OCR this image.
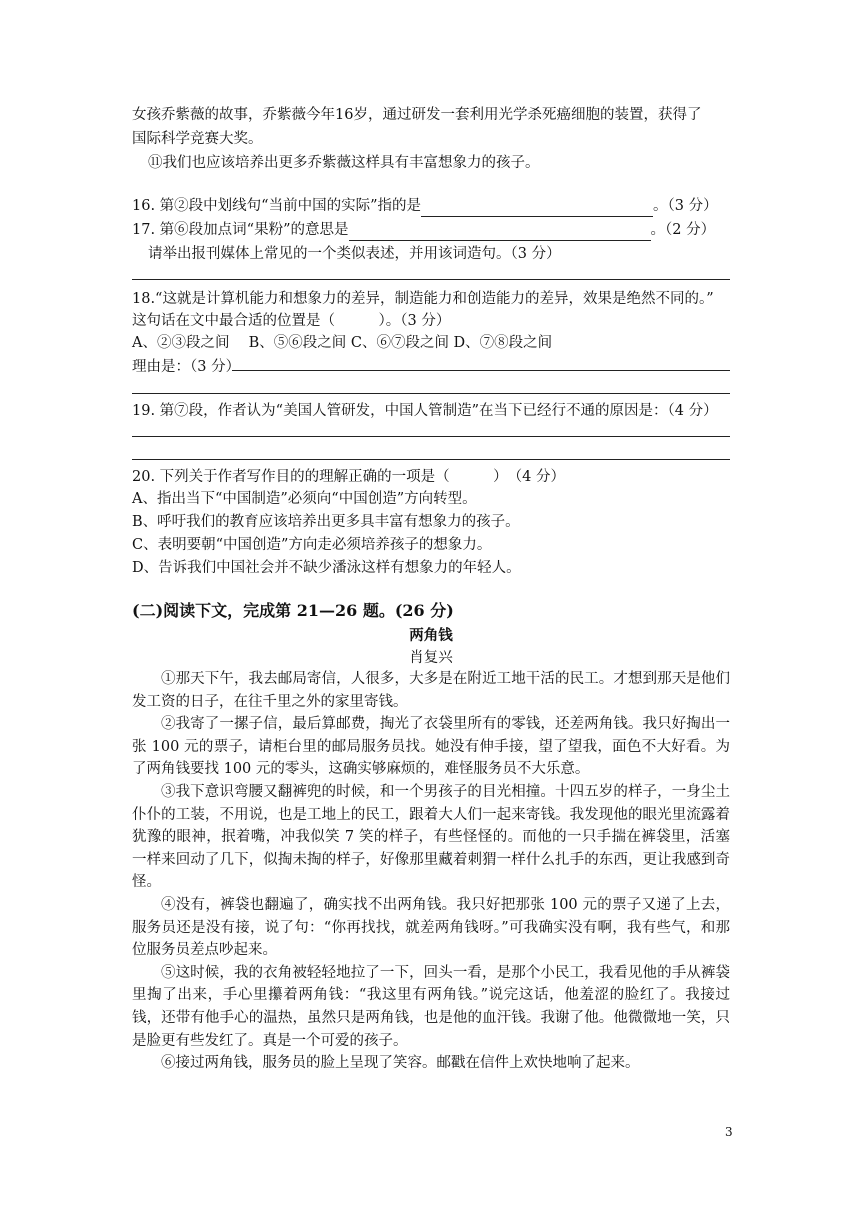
女孩乔紫薇的故事，乔紫薇今年16岁，通过研发一套利用光学杀死癌细胞的装置，获得了
国际科学竞赛大奖。
⑪我们也应该培养出更多乔紫薇这样具有丰富想象力的孩子。
16. 第②段中划线句“当前中国的实际”指的是	。（3 分）
17. 第⑥段加点词“果粉”的意思是	。（2 分）
请举出报刊媒体上常见的一个类似表述，并用该词造句。（3 分）
18.“这就是计算机能力和想象力的差异，制造能力和创造能力的差异，效果是绝然不同的。”
这句话在文中最合适的位置是（　　　）。（3 分）
A、②③段之间　 B、⑤⑥段之间 C、⑥⑦段之间 D、⑦⑧段之间
理由是：（3 分）
19. 第⑦段，作者认为“美国人管研发，中国人管制造”在当下已经行不通的原因是：（4 分）
20. 下列关于作者写作目的的理解正确的一项是（　　　）　（4 分）
A、指出当下“中国制造”必须向“中国创造”方向转型。
B、呼吁我们的教育应该培养出更多具丰富有想象力的孩子。
C、表明要朝“中国创造”方向走必须培养孩子的想象力。
D、告诉我们中国社会并不缺少潘泳这样有想象力的年轻人。
(二)阅读下文，完成第 21—26 题。(26 分)
两角钱
肖复兴

①那天下午，我去邮局寄信，人很多，大多是在附近工地干活的民工。才想到那天是他们发工资的日子，在往千里之外的家里寄钱。

②我寄了一摞子信，最后算邮费，掏光了衣袋里所有的零钱，还差两角钱。我只好掏出一张 100 元的票子，请柜台里的邮局服务员找。她没有伸手接，望了望我，面色不大好看。为了两角钱要找 100 元的零头，这确实够麻烦的，难怪服务员不大乐意。

③我下意识弯腰又翻裤兜的时候，和一个男孩子的目光相撞。十四五岁的样子，一身尘土仆仆的工装，不用说，也是工地上的民工，跟着大人们一起来寄钱。我发现他的眼光里流露着犹豫的眼神，抿着嘴，冲我似笑 7 笑的样子，有些怪怪的。而他的一只手揣在裤袋里，活塞一样来回动了几下，似掏未掏的样子，好像那里藏着刺猬一样什么扎手的东西，更让我感到奇怪。

④没有，裤袋也翻遍了，确实找不出两角钱。我只好把那张 100 元的票子又递了上去，服务员还是没有接，说了句：“你再找找，就差两角钱呀。”可我确实没有啊，我有些气，和那位服务员差点吵起来。

⑤这时候，我的衣角被轻轻地拉了一下，回头一看，是那个小民工，我看见他的手从裤袋里掏了出来，手心里攥着两角钱：“我这里有两角钱。”说完这话，他羞涩的脸红了。我接过钱，还带有他手心的温热，虽然只是两角钱，也是他的血汗钱。我谢了他。他微微地一笑，只是脸更有些发红了。真是一个可爱的孩子。

⑥接过两角钱，服务员的脸上呈现了笑容。邮戳在信件上欢快地响了起来。

3
